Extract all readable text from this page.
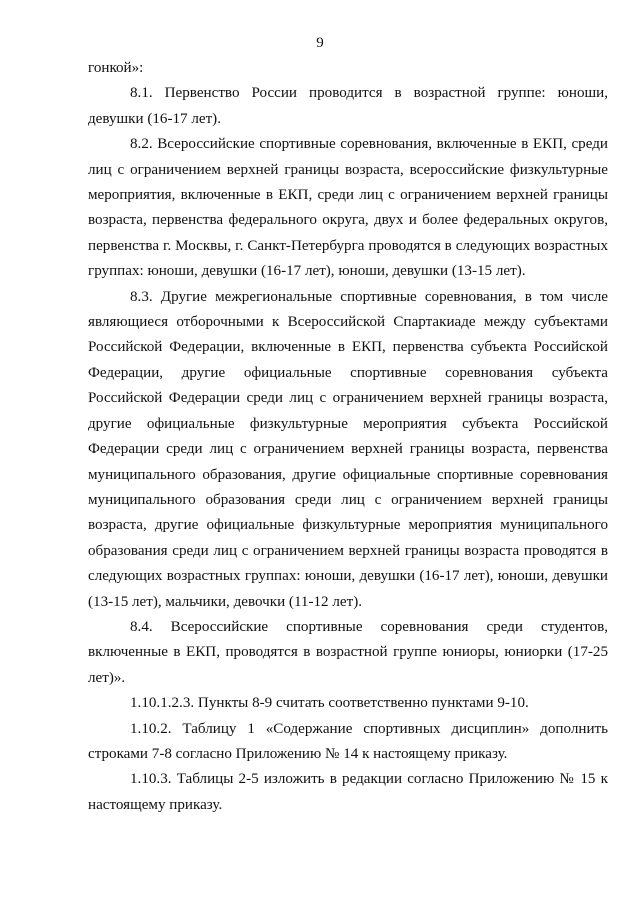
9

гонкой»:

8.1. Первенство России проводится в возрастной группе: юноши, девушки (16-17 лет).

8.2. Всероссийские спортивные соревнования, включенные в ЕКП, среди лиц с ограничением верхней границы возраста, всероссийские физкультурные мероприятия, включенные в ЕКП, среди лиц с ограничением верхней границы возраста, первенства федерального округа, двух и более федеральных округов, первенства г. Москвы, г. Санкт-Петербурга проводятся в следующих возрастных группах: юноши, девушки (16-17 лет), юноши, девушки (13-15 лет).

8.3. Другие межрегиональные спортивные соревнования, в том числе являющиеся отборочными к Всероссийской Спартакиаде между субъектами Российской Федерации, включенные в ЕКП, первенства субъекта Российской Федерации, другие официальные спортивные соревнования субъекта Российской Федерации среди лиц с ограничением верхней границы возраста, другие официальные физкультурные мероприятия субъекта Российской Федерации среди лиц с ограничением верхней границы возраста, первенства муниципального образования, другие официальные спортивные соревнования муниципального образования среди лиц с ограничением верхней границы возраста, другие официальные физкультурные мероприятия муниципального образования среди лиц с ограничением верхней границы возраста проводятся в следующих возрастных группах: юноши, девушки (16-17 лет), юноши, девушки (13-15 лет), мальчики, девочки (11-12 лет).

8.4. Всероссийские спортивные соревнования среди студентов, включенные в ЕКП, проводятся в возрастной группе юниоры, юниорки (17-25 лет)».

1.10.1.2.3. Пункты 8-9 считать соответственно пунктами 9-10.

1.10.2. Таблицу 1 «Содержание спортивных дисциплин» дополнить строками 7-8 согласно Приложению № 14 к настоящему приказу.

1.10.3. Таблицы 2-5 изложить в редакции согласно Приложению № 15 к настоящему приказу.
